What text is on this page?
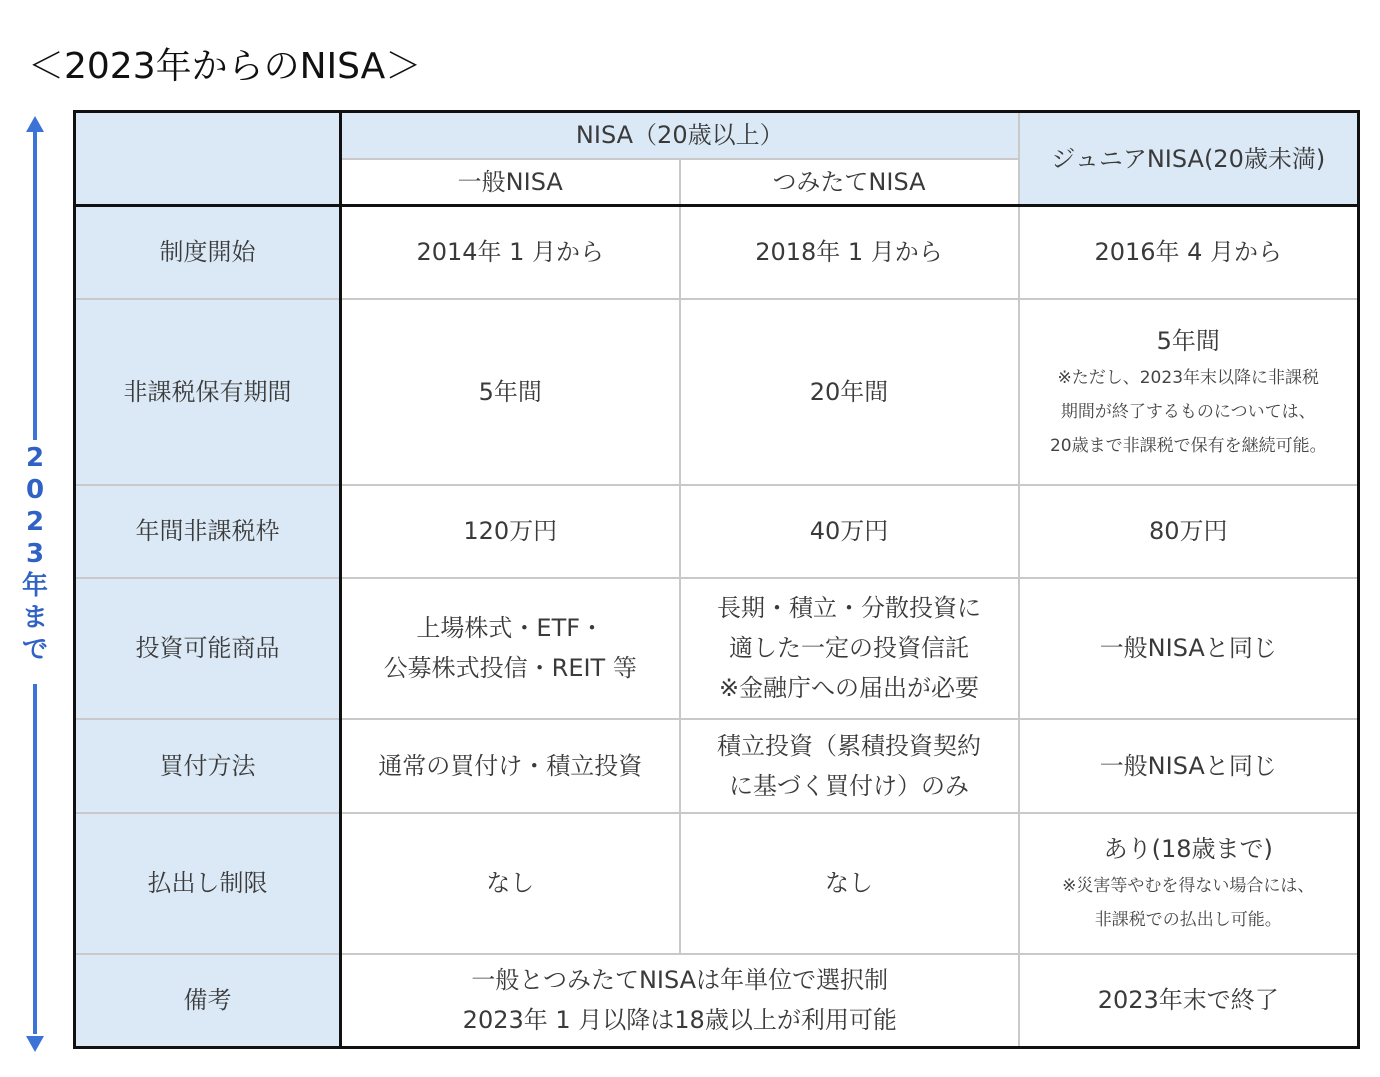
＜2023年からのNISA＞
2023年まで
	NISA（20歳以上）		ジュニアNISA(20歳未満)
	一般NISA	つみたてNISA	
制度開始	2014年 1 月から	2018年 1 月から	2016年 4 月から

非課税保有期間	5年間	20年間	5年間
※ただし、2023年末以降に非課税
期間が終了するものについては、
20歳まで非課税で保有を継続可能。

年間非課税枠	120万円	40万円	80万円

投資可能商品	上場株式・ETF・
公募株式投信・REIT 等	長期・積立・分散投資に
適した一定の投資信託
※金融庁への届出が必要	一般NISAと同じ

買付方法	通常の買付け・積立投資	積立投資（累積投資契約
に基づく買付け）のみ	一般NISAと同じ

払出し制限	なし	なし	あり(18歳まで)
※災害等やむを得ない場合には、
非課税での払出し可能。

備考	一般とつみたてNISAは年単位で選択制
2023年 1 月以降は18歳以上が利用可能		2023年末で終了
